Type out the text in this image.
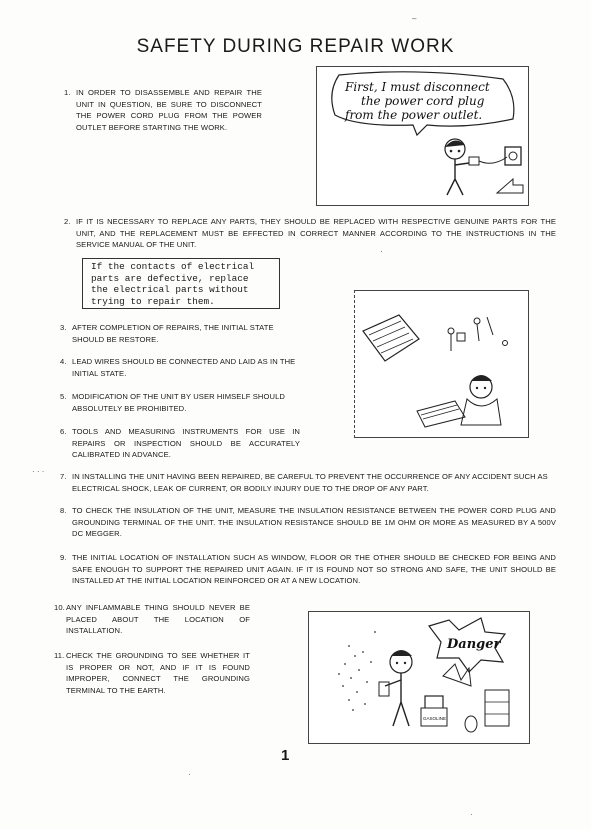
SAFETY DURING REPAIR WORK
1. IN ORDER TO DISASSEMBLE AND REPAIR THE UNIT IN QUESTION, BE SURE TO DISCONNECT THE POWER CORD PLUG FROM THE POWER OUTLET BEFORE STARTING THE WORK.
First, I must disconnect
the power cord plug
from the power outlet.
2. IF IT IS NECESSARY TO REPLACE ANY PARTS, THEY SHOULD BE REPLACED WITH RESPECTIVE GENUINE PARTS FOR THE UNIT, AND THE REPLACEMENT MUST BE EFFECTED IN CORRECT MANNER ACCORDING TO THE INSTRUCTIONS IN THE SERVICE MANUAL OF THE UNIT.
If the contacts of electrical
parts are defective, replace
the electrical parts without
trying to repair them.
3. AFTER COMPLETION OF REPAIRS, THE INITIAL STATE SHOULD BE RESTORE.
4. LEAD WIRES SHOULD BE CONNECTED AND LAID AS IN THE INITIAL STATE.
5. MODIFICATION OF THE UNIT BY USER HIMSELF SHOULD ABSOLUTELY BE PROHIBITED.
6. TOOLS AND MEASURING INSTRUMENTS FOR USE IN REPAIRS OR INSPECTION SHOULD BE ACCURATELY CALIBRATED IN ADVANCE.
7. IN INSTALLING THE UNIT HAVING BEEN REPAIRED, BE CAREFUL TO PREVENT THE OCCURRENCE OF ANY ACCIDENT SUCH AS ELECTRICAL SHOCK, LEAK OF CURRENT, OR BODILY INJURY DUE TO THE DROP OF ANY PART.
8. TO CHECK THE INSULATION OF THE UNIT, MEASURE THE INSULATION RESISTANCE BETWEEN THE POWER CORD PLUG AND GROUNDING TERMINAL OF THE UNIT. THE INSULATION RESISTANCE SHOULD BE 1M OHM OR MORE AS MEASURED BY A 500V DC MEGGER.
9. THE INITIAL LOCATION OF INSTALLATION SUCH AS WINDOW, FLOOR OR THE OTHER SHOULD BE CHECKED FOR BEING AND SAFE ENOUGH TO SUPPORT THE REPAIRED UNIT AGAIN. IF IT IS FOUND NOT SO STRONG AND SAFE, THE UNIT SHOULD BE INSTALLED AT THE INITIAL LOCATION REINFORCED OR AT A NEW LOCATION.
10. ANY INFLAMMABLE THING SHOULD NEVER BE PLACED ABOUT THE LOCATION OF INSTALLATION.
11. CHECK THE GROUNDING TO SEE WHETHER IT IS PROPER OR NOT, AND IF IT IS FOUND IMPROPER, CONNECT THE GROUNDING TERMINAL TO THE EARTH.
Danger
GASOLINE
1
–
·
· · ·
·
·
